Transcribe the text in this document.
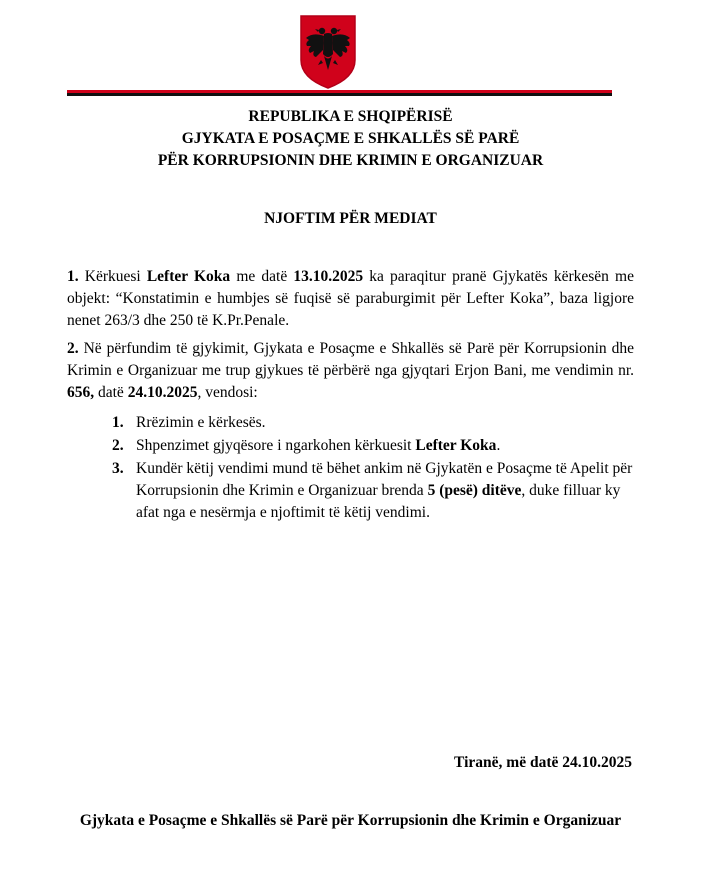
REPUBLIKA E SHQIPËRISË
GJYKATA E POSAÇME E SHKALLËS SË PARË
PËR KORRUPSIONIN DHE KRIMIN E ORGANIZUAR
NJOFTIM PËR MEDIAT
1. Kërkuesi Lefter Koka me datë 13.10.2025 ka paraqitur pranë Gjykatës kërkesën me objekt: “Konstatimin e humbjes së fuqisë së paraburgimit për Lefter Koka”, baza ligjore nenet 263/3 dhe 250 të K.Pr.Penale.
2. Në përfundim të gjykimit, Gjykata e Posaçme e Shkallës së Parë për Korrupsionin dhe Krimin e Organizuar me trup gjykues të përbërë nga gjyqtari Erjon Bani, me vendimin nr. 656, datë 24.10.2025, vendosi:
1. Rrëzimin e kërkesës.
2. Shpenzimet gjyqësore i ngarkohen kërkuesit Lefter Koka.
3. Kundër këtij vendimi mund të bëhet ankim në Gjykatën e Posaçme të Apelit për Korrupsionin dhe Krimin e Organizuar brenda 5 (pesë) ditëve, duke filluar ky afat nga e nesërmja e njoftimit të këtij vendimi.
Tiranë, më datë 24.10.2025
Gjykata e Posaçme e Shkallës së Parë për Korrupsionin dhe Krimin e Organizuar
